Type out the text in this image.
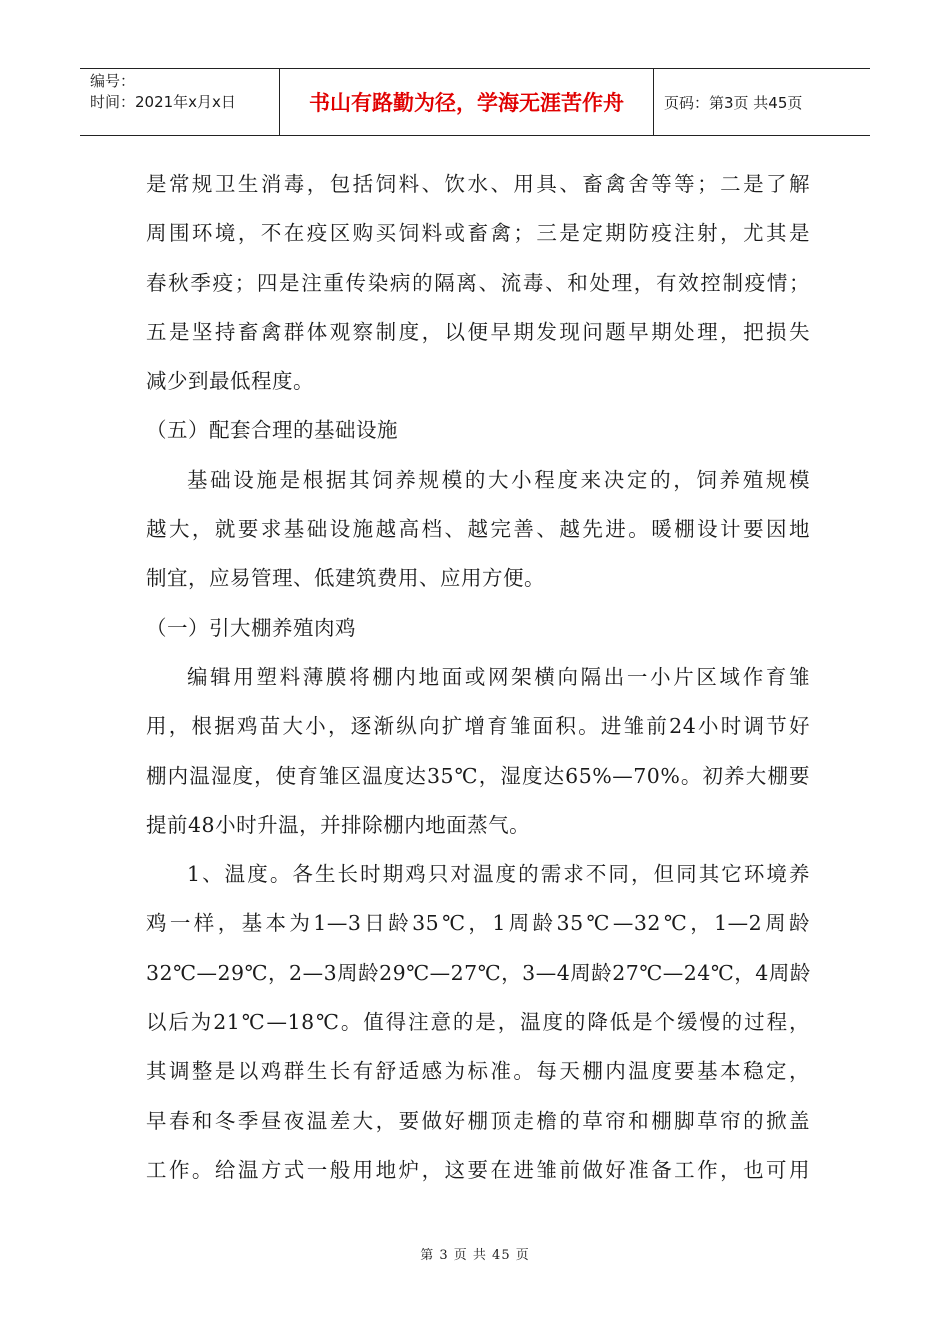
编号：
时间：2021年x月x日	书山有路勤为径，学海无涯苦作舟	页码：第3页 共45页
是常规卫生消毒，包括饲料、饮水、用具、畜禽舍等等；二是了解
周围环境，不在疫区购买饲料或畜禽；三是定期防疫注射，尤其是
春秋季疫；四是注重传染病的隔离、流毒、和处理，有效控制疫情；
五是坚持畜禽群体观察制度，以便早期发现问题早期处理，把损失
减少到最低程度。
（五）配套合理的基础设施
基础设施是根据其饲养规模的大小程度来决定的，饲养殖规模
越大，就要求基础设施越高档、越完善、越先进。暖棚设计要因地
制宜，应易管理、低建筑费用、应用方便。
（一）引大棚养殖肉鸡
编辑用塑料薄膜将棚内地面或网架横向隔出一小片区域作育雏
用，根据鸡苗大小，逐渐纵向扩增育雏面积。进雏前24小时调节好
棚内温湿度，使育雏区温度达35℃，湿度达65%—70%。初养大棚要
提前48小时升温，并排除棚内地面蒸气。
1、温度。各生长时期鸡只对温度的需求不同，但同其它环境养
鸡一样，基本为1—3日龄35℃，1周龄35℃—32℃，1—2周龄
32℃—29℃，2—3周龄29℃—27℃，3—4周龄27℃—24℃，4周龄
以后为21℃—18℃。值得注意的是，温度的降低是个缓慢的过程，
其调整是以鸡群生长有舒适感为标准。每天棚内温度要基本稳定，
早春和冬季昼夜温差大，要做好棚顶走檐的草帘和棚脚草帘的掀盖
工作。给温方式一般用地炉，这要在进雏前做好准备工作，也可用
第 3 页 共 45 页
